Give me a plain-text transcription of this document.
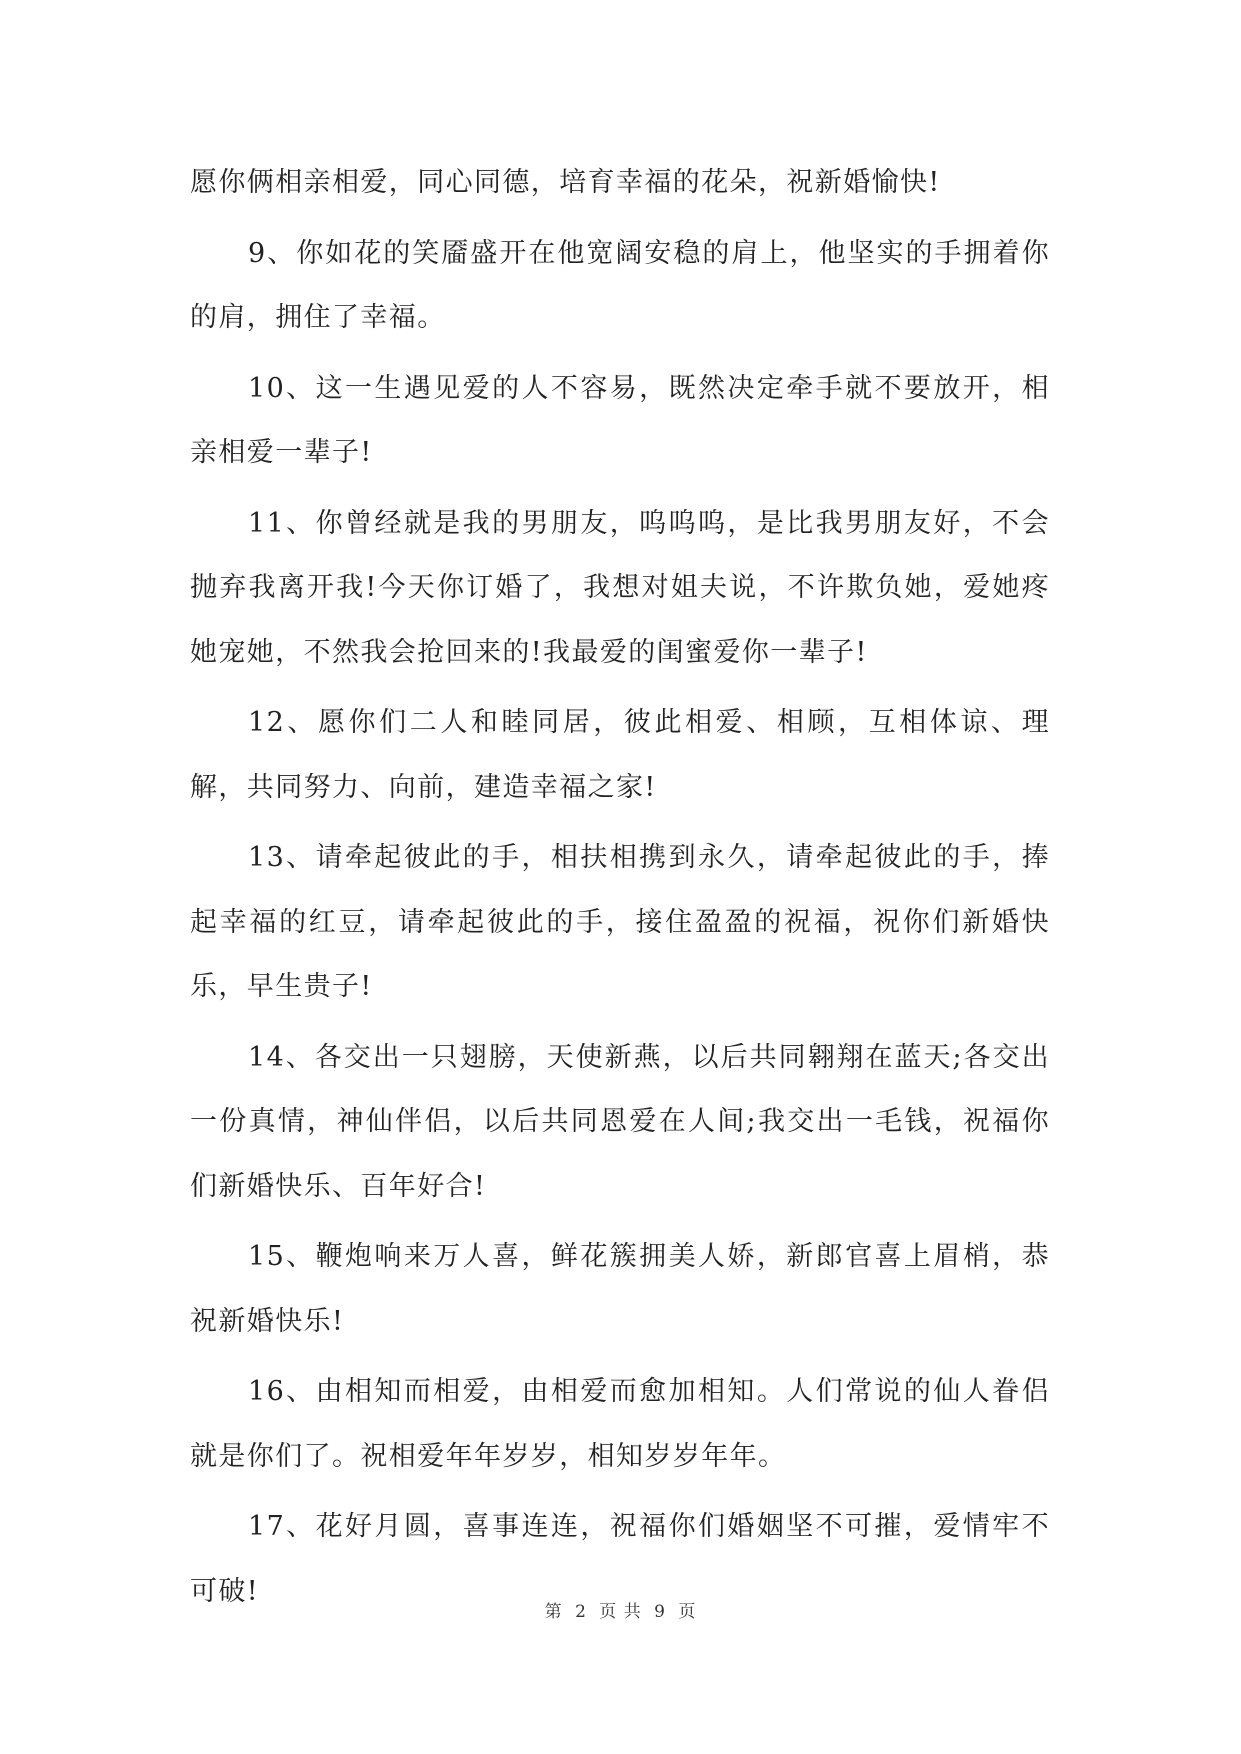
愿你俩相亲相爱，同心同德，培育幸福的花朵，祝新婚愉快!

9、你如花的笑靥盛开在他宽阔安稳的肩上，他坚实的手拥着你的肩，拥住了幸福。

10、这一生遇见爱的人不容易，既然决定牵手就不要放开，相亲相爱一辈子!

11、你曾经就是我的男朋友，呜呜呜，是比我男朋友好，不会抛弃我离开我!今天你订婚了，我想对姐夫说，不许欺负她，爱她疼她宠她，不然我会抢回来的!我最爱的闺蜜爱你一辈子!

12、愿你们二人和睦同居，彼此相爱、相顾，互相体谅、理解，共同努力、向前，建造幸福之家!

13、请牵起彼此的手，相扶相携到永久，请牵起彼此的手，捧起幸福的红豆，请牵起彼此的手，接住盈盈的祝福，祝你们新婚快乐，早生贵子!

14、各交出一只翅膀，天使新燕，以后共同翱翔在蓝天;各交出一份真情，神仙伴侣，以后共同恩爱在人间;我交出一毛钱，祝福你们新婚快乐、百年好合!

15、鞭炮响来万人喜，鲜花簇拥美人娇，新郎官喜上眉梢，恭祝新婚快乐!

16、由相知而相爱，由相爱而愈加相知。人们常说的仙人眷侣就是你们了。祝相爱年年岁岁，相知岁岁年年。

17、花好月圆，喜事连连，祝福你们婚姻坚不可摧，爱情牢不可破!

第 2 页 共 9 页
